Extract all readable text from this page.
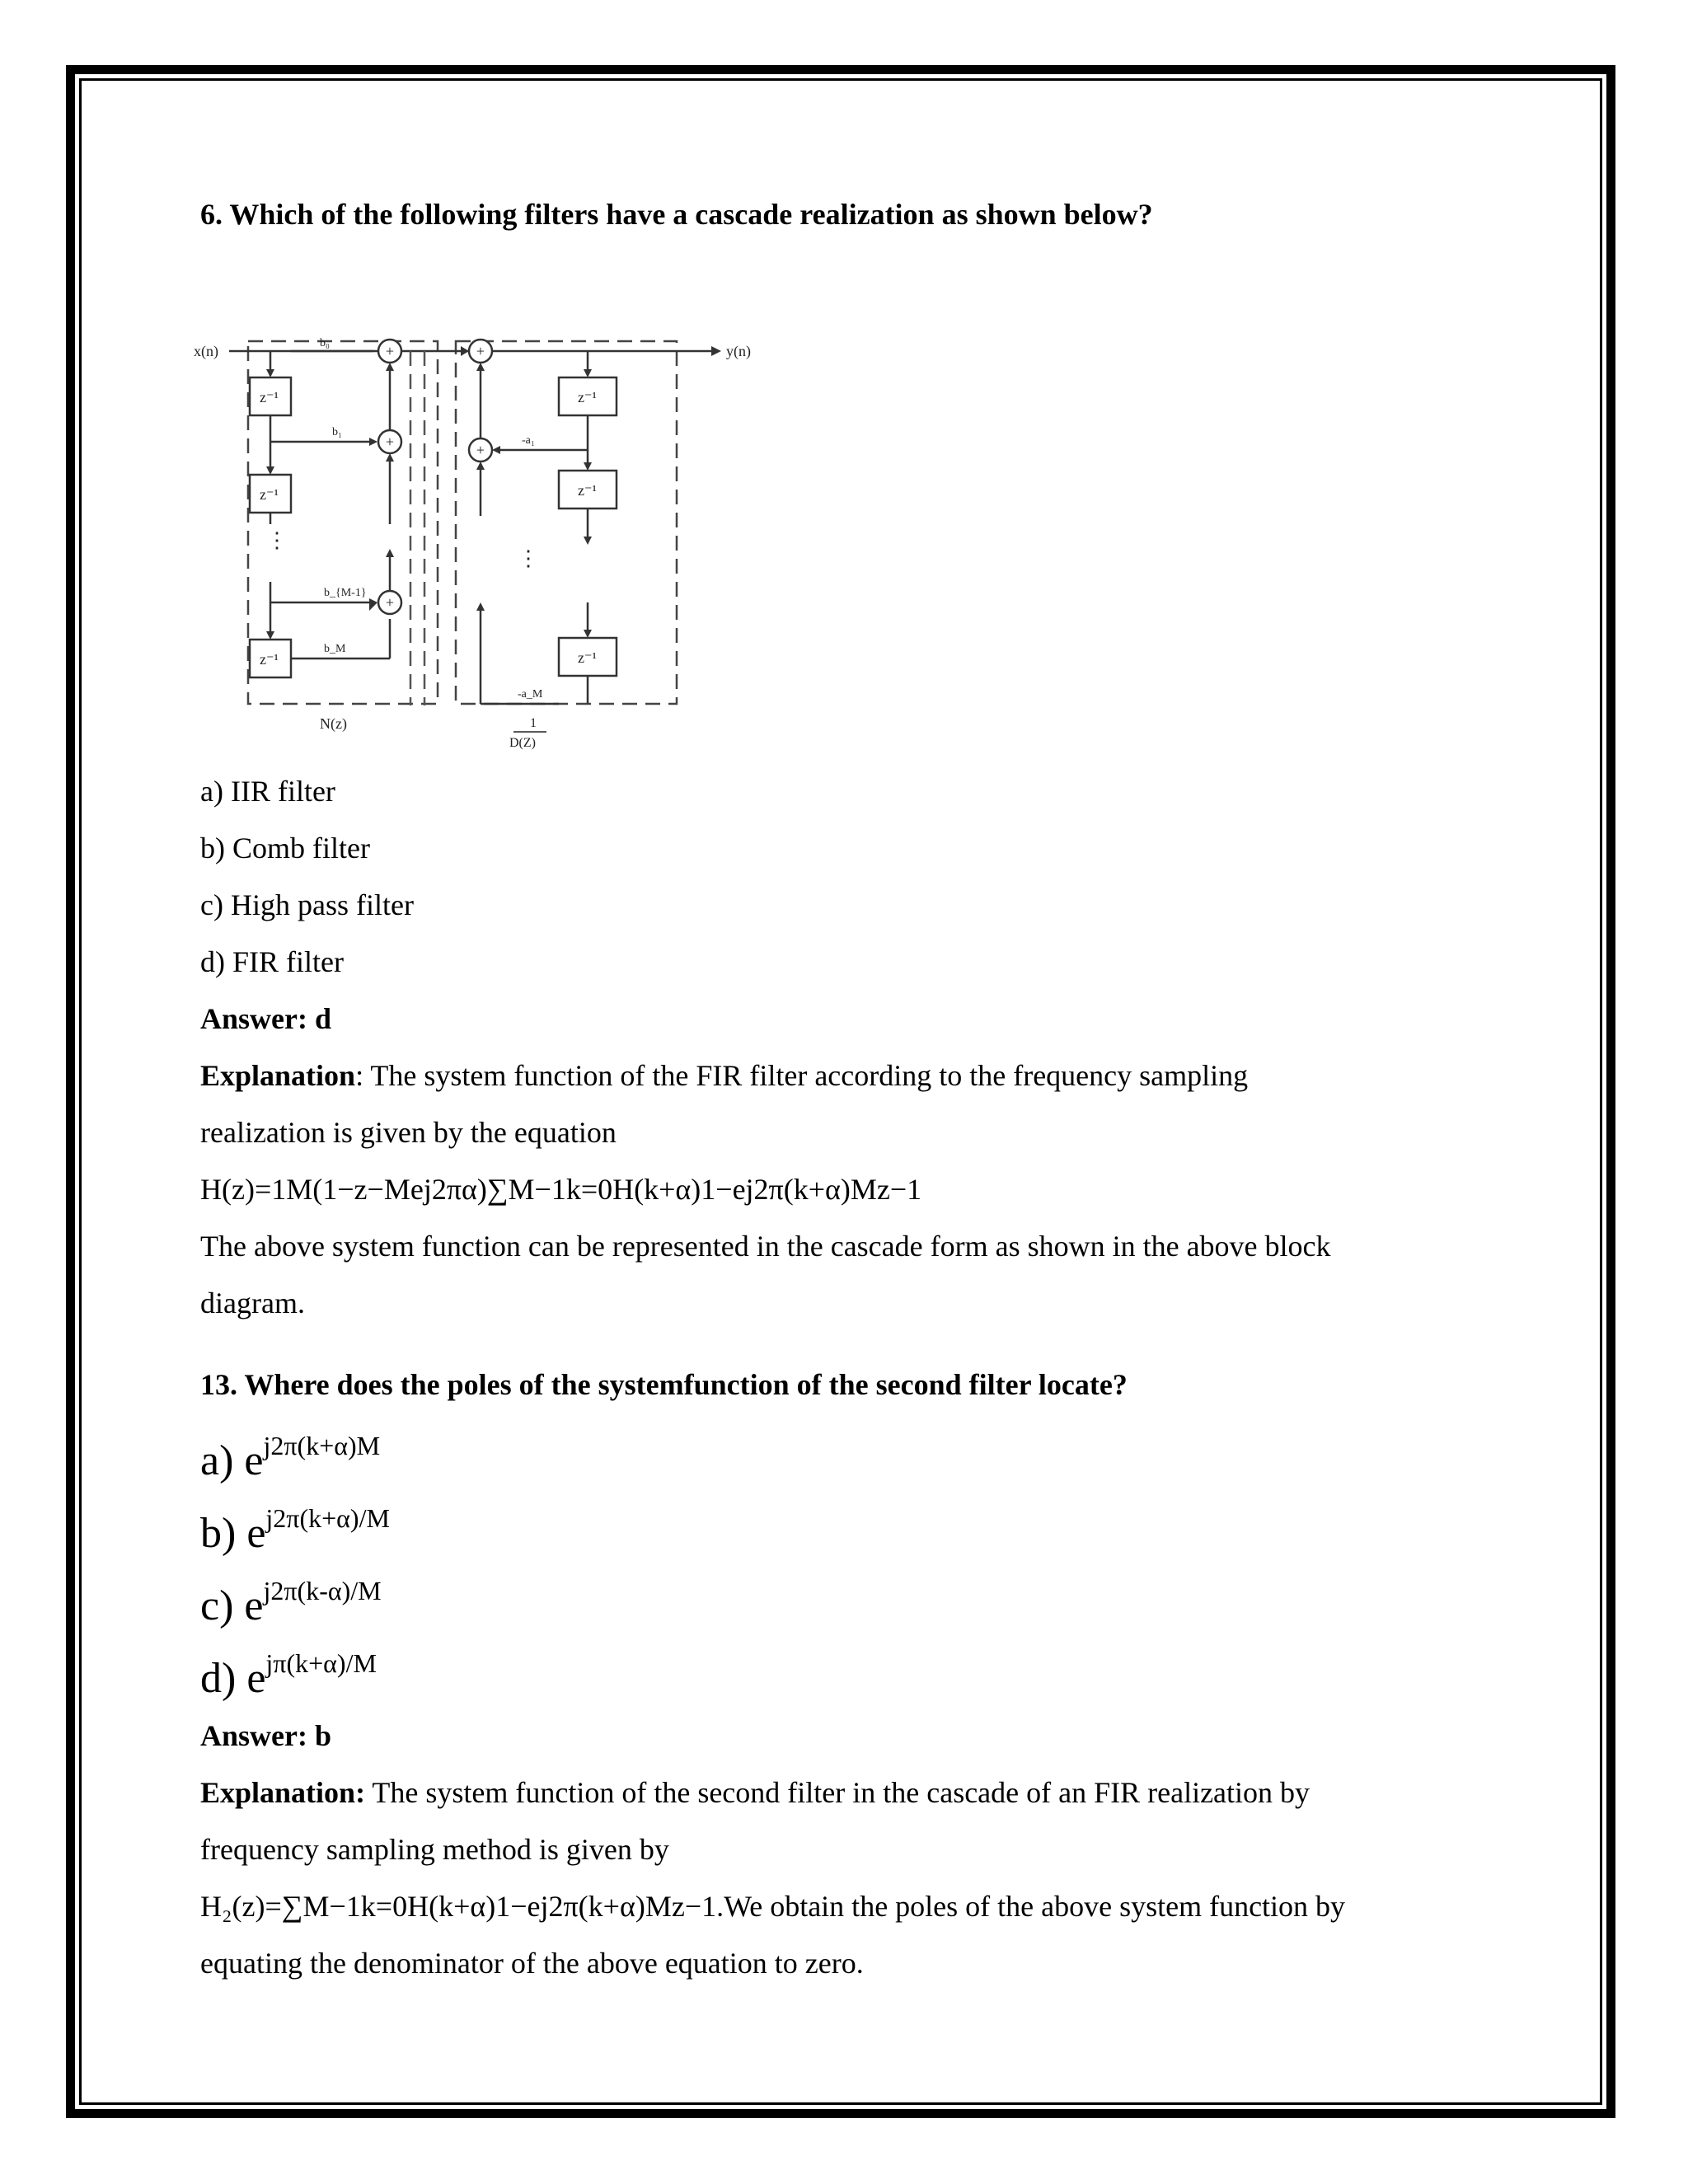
6. Which of the following filters have a cascade realization as shown below?
+
+
+
+
+
x(n)	y(n)
z⁻¹
z⁻¹
z⁻¹
z⁻¹
z⁻¹
z⁻¹
b₀
b₁
b_{M-1}
b_M
-a₁
-a_M
⋮
⋮
N(z)	1
D(Z)
a) IIR filter
b) Comb filter
c) High pass filter
d) FIR filter
Answer: d
Explanation: The system function of the FIR filter according to the frequency sampling
realization is given by the equation
H(z)=1M(1−z−Mej2πα)∑M−1k=0H(k+α)1−ej2π(k+α)Mz−1
The above system function can be represented in the cascade form as shown in the above block
diagram.
13. Where does the poles of the systemfunction of the second filter locate?
a) $e^{j2\pi(k+\alpha)M}$
b) $e^{j2\pi(k+\alpha)/M}$
c) $e^{j2\pi(k-\alpha)/M}$
d) $e^{j\pi(k+\alpha)/M}$
Answer: b
Explanation: The system function of the second filter in the cascade of an FIR realization by
frequency sampling method is given by
H₂(z)=∑M−1k=0H(k+α)1−ej2π(k+α)Mz−1.We obtain the poles of the above system function by
equating the denominator of the above equation to zero.
